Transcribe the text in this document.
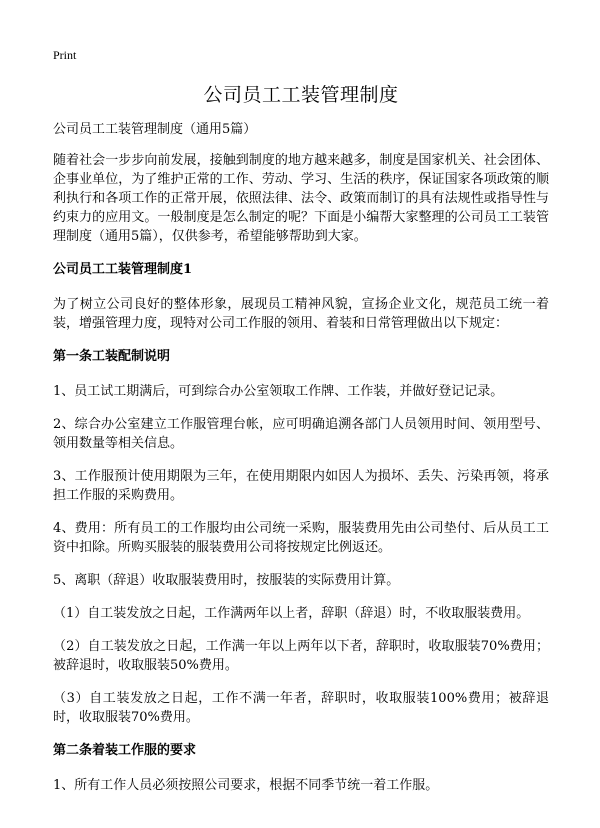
Print
公司员工工装管理制度

公司员工工装管理制度（通用5篇）

随着社会一步步向前发展，接触到制度的地方越来越多，制度是国家机关、社会团体、企事业单位，为了维护正常的工作、劳动、学习、生活的秩序，保证国家各项政策的顺利执行和各项工作的正常开展，依照法律、法令、政策而制订的具有法规性或指导性与约束力的应用文。一般制度是怎么制定的呢？下面是小编帮大家整理的公司员工工装管理制度（通用5篇），仅供参考，希望能够帮助到大家。

公司员工工装管理制度1

为了树立公司良好的整体形象，展现员工精神风貌，宣扬企业文化，规范员工统一着装，增强管理力度，现特对公司工作服的领用、着装和日常管理做出以下规定：

第一条工装配制说明

1、员工试工期满后，可到综合办公室领取工作牌、工作装，并做好登记记录。

2、综合办公室建立工作服管理台帐，应可明确追溯各部门人员领用时间、领用型号、领用数量等相关信息。

3、工作服预计使用期限为三年，在使用期限内如因人为损坏、丢失、污染再领，将承担工作服的采购费用。

4、费用：所有员工的工作服均由公司统一采购，服装费用先由公司垫付、后从员工工资中扣除。所购买服装的服装费用公司将按规定比例返还。

5、离职（辞退）收取服装费用时，按服装的实际费用计算。

（1）自工装发放之日起，工作满两年以上者，辞职（辞退）时，不收取服装费用。

（2）自工装发放之日起，工作满一年以上两年以下者，辞职时，收取服装70%费用；被辞退时，收取服装50%费用。

（3）自工装发放之日起，工作不满一年者，辞职时，收取服装100%费用；被辞退时，收取服装70%费用。

第二条着装工作服的要求

1、所有工作人员必须按照公司要求，根据不同季节统一着工作服。
